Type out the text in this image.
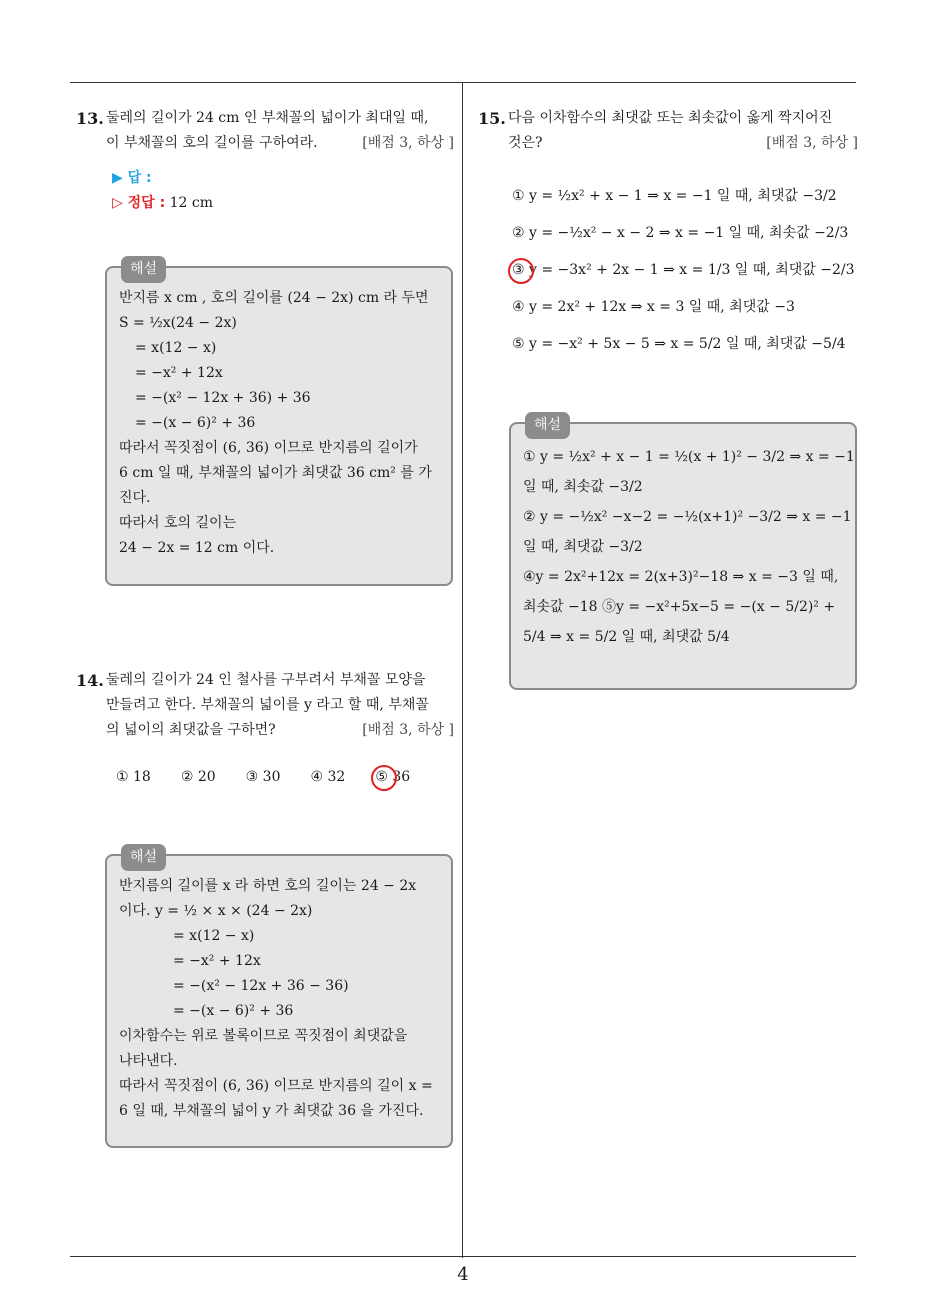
13. 둘레의 길이가 24 cm 인 부채꼴의 넓이가 최대일 때,
이 부채꼴의 호의 길이를 구하여라.	[배점 3, 하상 ]
▶ 답 :
▷ 정답 : 12 cm
해설
반지름 x cm , 호의 길이를 (24 − 2x) cm 라 두면
S = ½x(24 − 2x)
= x(12 − x)
= −x² + 12x
= −(x² − 12x + 36) + 36
= −(x − 6)² + 36
따라서 꼭짓점이 (6, 36) 이므로 반지름의 길이가
6 cm 일 때, 부채꼴의 넓이가 최댓값 36 cm² 를 가
진다.
따라서 호의 길이는
24 − 2x = 12 cm 이다.
14. 둘레의 길이가 24 인 철사를 구부려서 부채꼴 모양을
만들려고 한다. 부채꼴의 넓이를 y 라고 할 때, 부채꼴
의 넓이의 최댓값을 구하면?	[배점 3, 하상 ]
① 18 ② 20 ③ 30 ④ 32 ⑤ 36
해설
반지름의 길이를 x 라 하면 호의 길이는 24 − 2x
이다. y = ½ × x × (24 − 2x)
= x(12 − x)
= −x² + 12x
= −(x² − 12x + 36 − 36)
= −(x − 6)² + 36
이차함수는 위로 볼록이므로 꼭짓점이 최댓값을
나타낸다.
따라서 꼭짓점이 (6, 36) 이므로 반지름의 길이 x =
6 일 때, 부채꼴의 넓이 y 가 최댓값 36 을 가진다.
15. 다음 이차함수의 최댓값 또는 최솟값이 옳게 짝지어진
것은?	[배점 3, 하상 ]
① y = ½x² + x − 1 ⇒ x = −1 일 때, 최댓값 −3/2
② y = −½x² − x − 2 ⇒ x = −1 일 때, 최솟값 −2/3
③ y = −3x² + 2x − 1 ⇒ x = 1/3 일 때, 최댓값 −2/3
④ y = 2x² + 12x ⇒ x = 3 일 때, 최댓값 −3
⑤ y = −x² + 5x − 5 ⇒ x = 5/2 일 때, 최댓값 −5/4
해설
① y = ½x² + x − 1 = ½(x + 1)² − 3/2 ⇒ x = −1
일 때, 최솟값 −3/2
② y = −½x² −x−2 = −½(x+1)² −3/2 ⇒ x = −1
일 때, 최댓값 −3/2
④y = 2x²+12x = 2(x+3)²−18 ⇒ x = −3 일 때,
최솟값 −18 ⑤y = −x²+5x−5 = −(x − 5/2)² +
5/4 ⇒ x = 5/2 일 때, 최댓값 5/4
4
